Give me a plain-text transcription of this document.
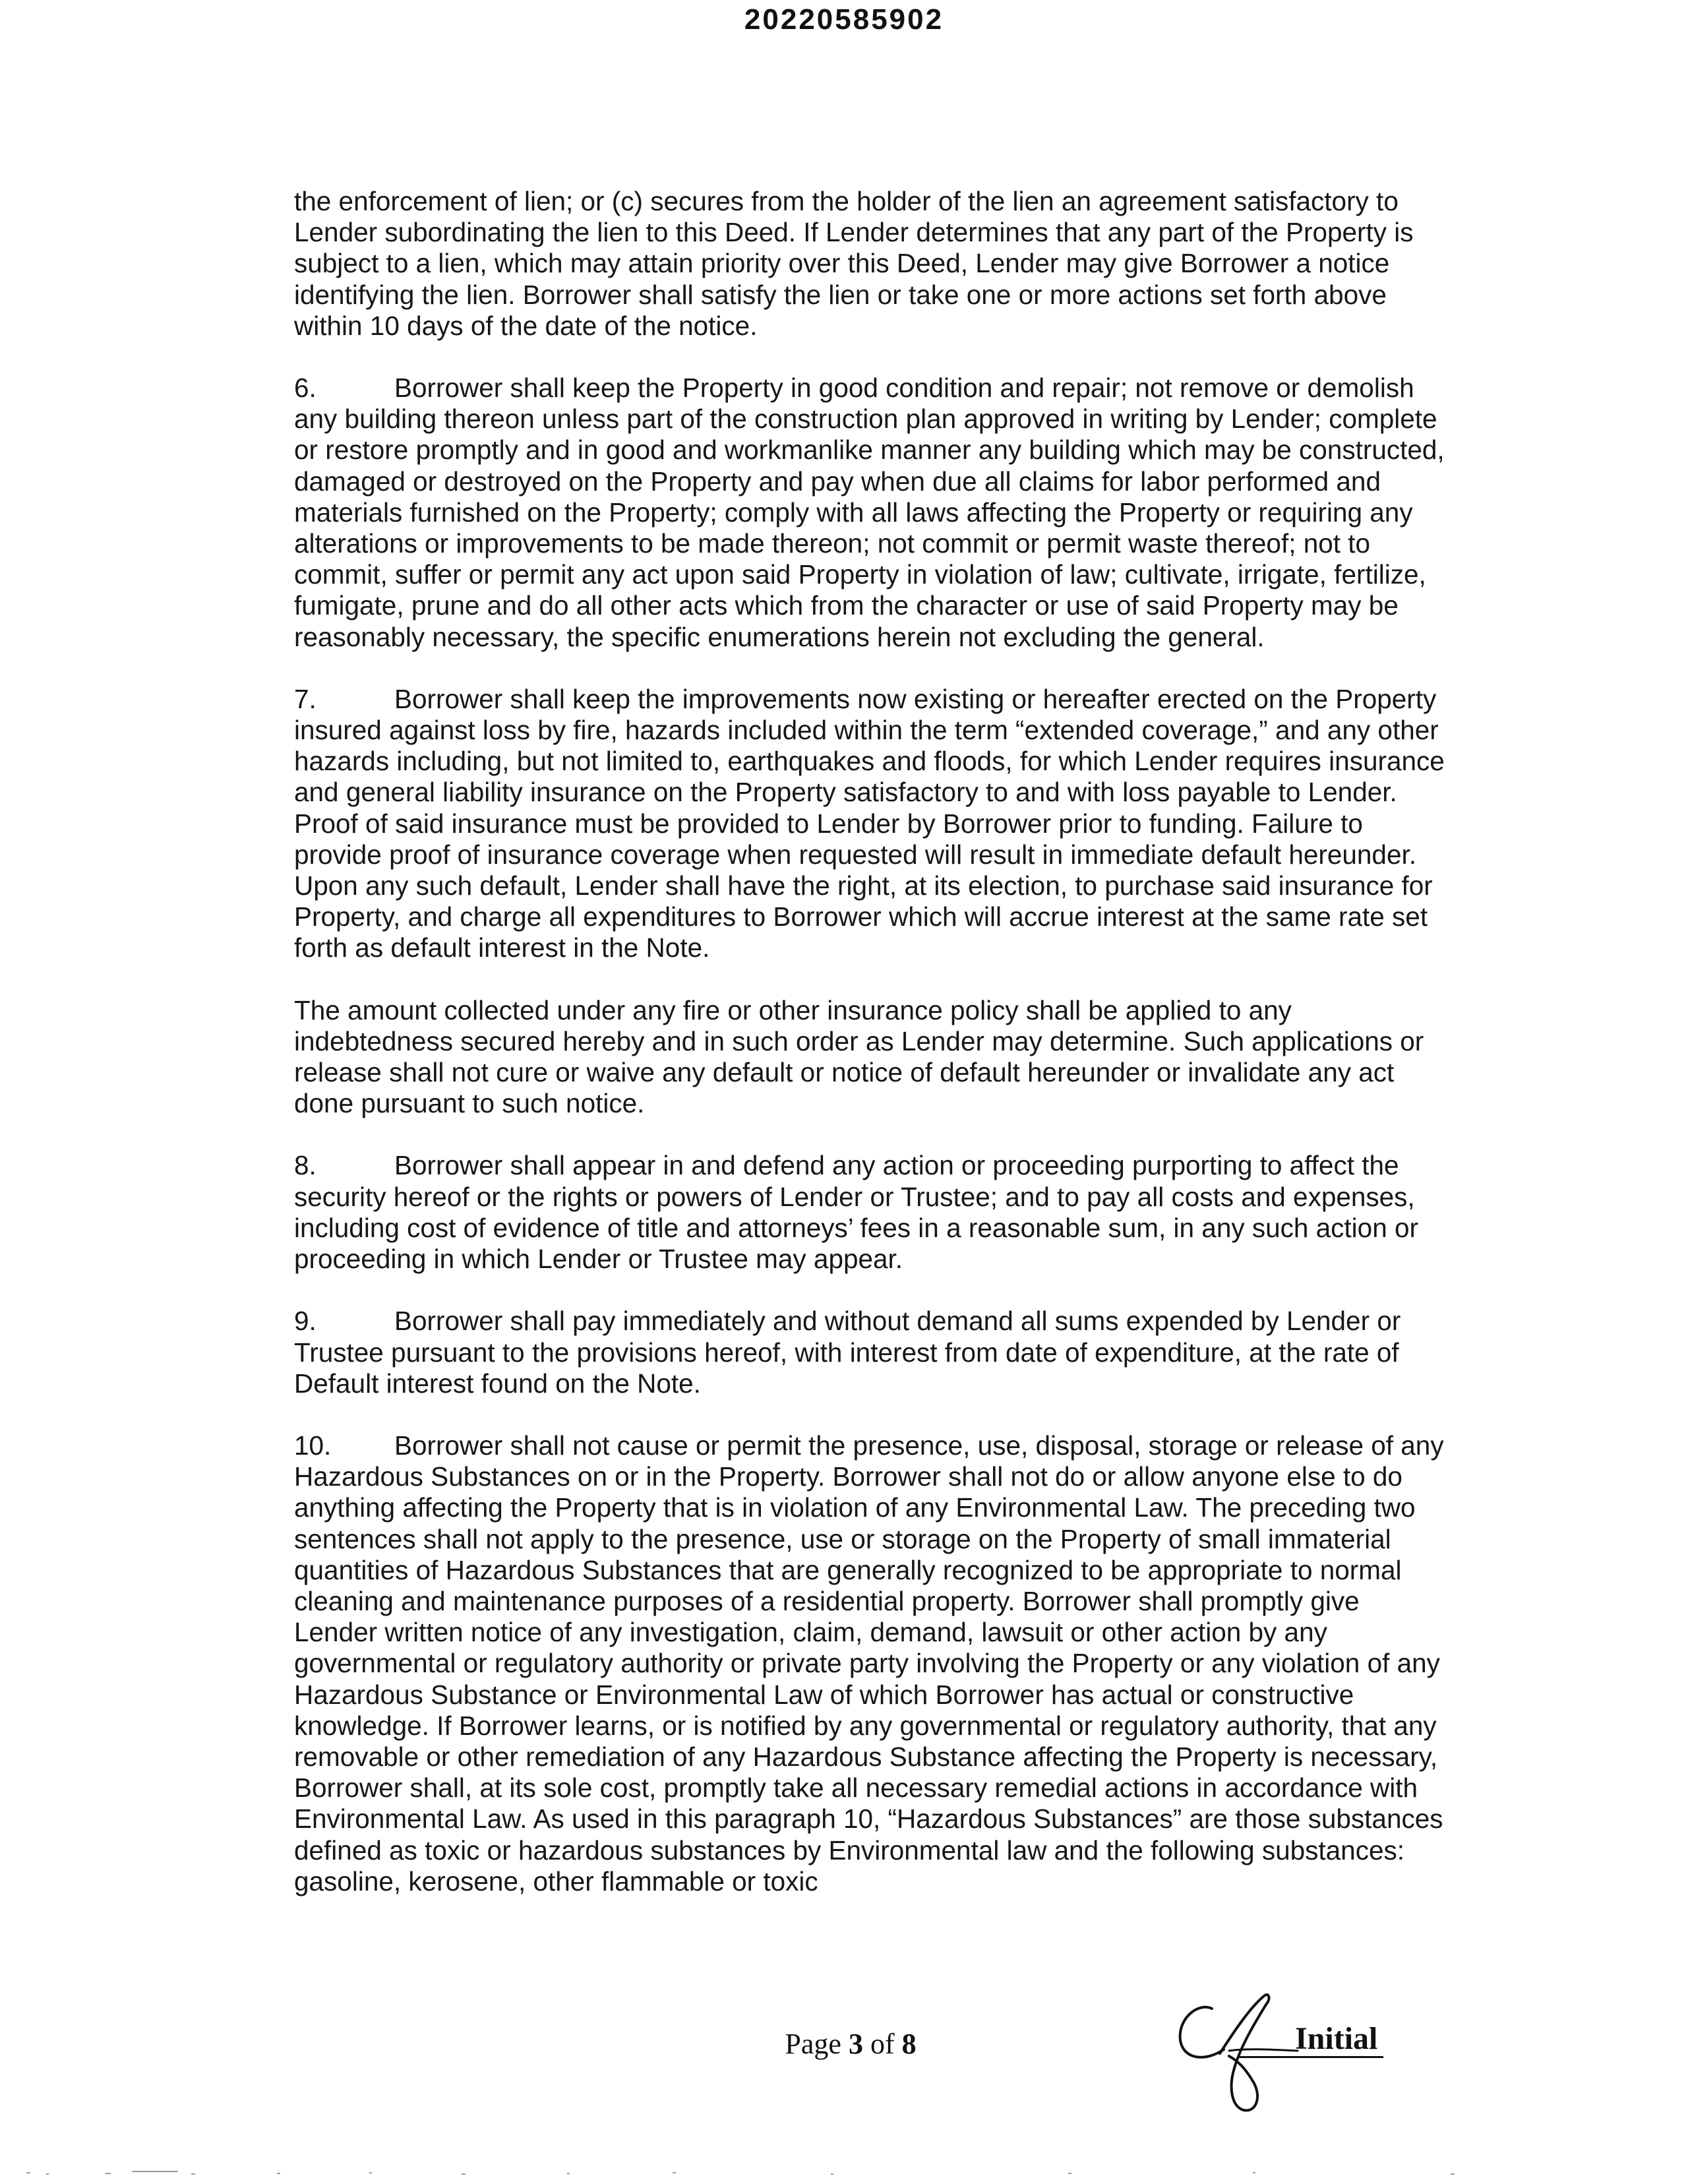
20220585902

the enforcement of lien; or (c) secures from the holder of the lien an agreement satisfactory to Lender subordinating the lien to this Deed. If Lender determines that any part of the Property is subject to a lien, which may attain priority over this Deed, Lender may give Borrower a notice identifying the lien. Borrower shall satisfy the lien or take one or more actions set forth above within 10 days of the date of the notice.

6.	Borrower shall keep the Property in good condition and repair; not remove or demolish any building thereon unless part of the construction plan approved in writing by Lender; complete or restore promptly and in good and workmanlike manner any building which may be constructed, damaged or destroyed on the Property and pay when due all claims for labor performed and materials furnished on the Property; comply with all laws affecting the Property or requiring any alterations or improvements to be made thereon; not commit or permit waste thereof; not to commit, suffer or permit any act upon said Property in violation of law; cultivate, irrigate, fertilize, fumigate, prune and do all other acts which from the character or use of said Property may be reasonably necessary, the specific enumerations herein not excluding the general.

7.	Borrower shall keep the improvements now existing or hereafter erected on the Property insured against loss by fire, hazards included within the term “extended coverage,” and any other hazards including, but not limited to, earthquakes and floods, for which Lender requires insurance and general liability insurance on the Property satisfactory to and with loss payable to Lender. Proof of said insurance must be provided to Lender by Borrower prior to funding. Failure to provide proof of insurance coverage when requested will result in immediate default hereunder. Upon any such default, Lender shall have the right, at its election, to purchase said insurance for Property, and charge all expenditures to Borrower which will accrue interest at the same rate set forth as default interest in the Note.

The amount collected under any fire or other insurance policy shall be applied to any indebtedness secured hereby and in such order as Lender may determine. Such applications or release shall not cure or waive any default or notice of default hereunder or invalidate any act done pursuant to such notice.

8.	Borrower shall appear in and defend any action or proceeding purporting to affect the security hereof or the rights or powers of Lender or Trustee; and to pay all costs and expenses, including cost of evidence of title and attorneys’ fees in a reasonable sum, in any such action or proceeding in which Lender or Trustee may appear.

9.	Borrower shall pay immediately and without demand all sums expended by Lender or Trustee pursuant to the provisions hereof, with interest from date of expenditure, at the rate of Default interest found on the Note.

10. Borrower shall not cause or permit the presence, use, disposal, storage or release of any Hazardous Substances on or in the Property. Borrower shall not do or allow anyone else to do anything affecting the Property that is in violation of any Environmental Law. The preceding two sentences shall not apply to the presence, use or storage on the Property of small immaterial quantities of Hazardous Substances that are generally recognized to be appropriate to normal cleaning and maintenance purposes of a residential property. Borrower shall promptly give Lender written notice of any investigation, claim, demand, lawsuit or other action by any governmental or regulatory authority or private party involving the Property or any violation of any Hazardous Substance or Environmental Law of which Borrower has actual or constructive knowledge. If Borrower learns, or is notified by any governmental or regulatory authority, that any removable or other remediation of any Hazardous Substance affecting the Property is necessary, Borrower shall, at its sole cost, promptly take all necessary remedial actions in accordance with Environmental Law. As used in this paragraph 10, “Hazardous Substances” are those substances defined as toxic or hazardous substances by Environmental law and the following substances: gasoline, kerosene, other flammable or toxic

Page 3 of 8	Initial
